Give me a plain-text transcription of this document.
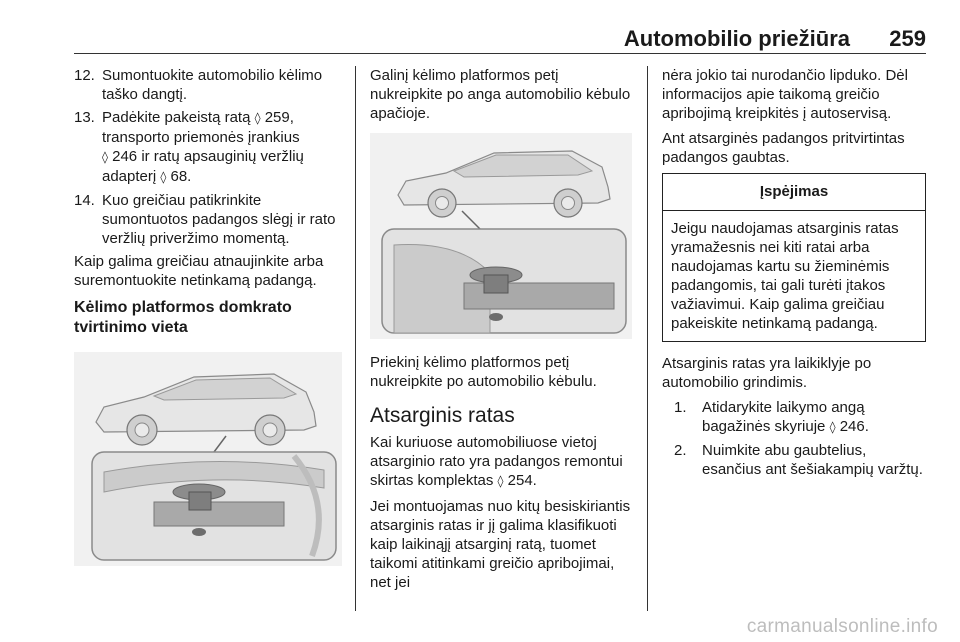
Automobilio priežiūra 259
12. Sumontuokite automobilio kėlimo taško dangtį.
13. Padėkite pakeistą ratą ◊ 259, transporto priemonės įrankius
◊ 246 ir ratų apsauginių veržlių adapterį ◊ 68.
14. Kuo greičiau patikrinkite sumontuotos padangos slėgį ir rato veržlių priveržimo momentą.
Kaip galima greičiau atnaujinkite arba suremontuokite netinkamą padangą.
Kėlimo platformos domkrato tvirtinimo vieta
Galinį kėlimo platformos petį nukreipkite po anga automobilio kėbulo apačioje.
Priekinį kėlimo platformos petį nukreipkite po automobilio kėbulu.
Atsarginis ratas
Kai kuriuose automobiliuose vietoj atsarginio rato yra padangos remontui skirtas komplektas ◊ 254.
Jei montuojamas nuo kitų besiskiriantis atsarginis ratas ir jį galima klasifikuoti kaip laikinąjį atsarginį ratą, tuomet taikomi atitinkami greičio apribojimai, net jei
nėra jokio tai nurodančio lipduko. Dėl informacijos apie taikomą greičio apribojimą kreipkitės į autoservisą.
Ant atsarginės padangos pritvirtintas padangos gaubtas.
Įspėjimas
Jeigu naudojamas atsarginis ratas yramažesnis nei kiti ratai arba naudojamas kartu su žieminėmis padangomis, tai gali turėti įtakos važiavimui. Kaip galima greičiau pakeiskite netinkamą padangą.
Atsarginis ratas yra laikiklyje po automobilio grindimis.
1. Atidarykite laikymo angą bagažinės skyriuje ◊ 246.
2. Nuimkite abu gaubtelius, esančius ant šešiakampių varžtų.
carmanualsonline.info
